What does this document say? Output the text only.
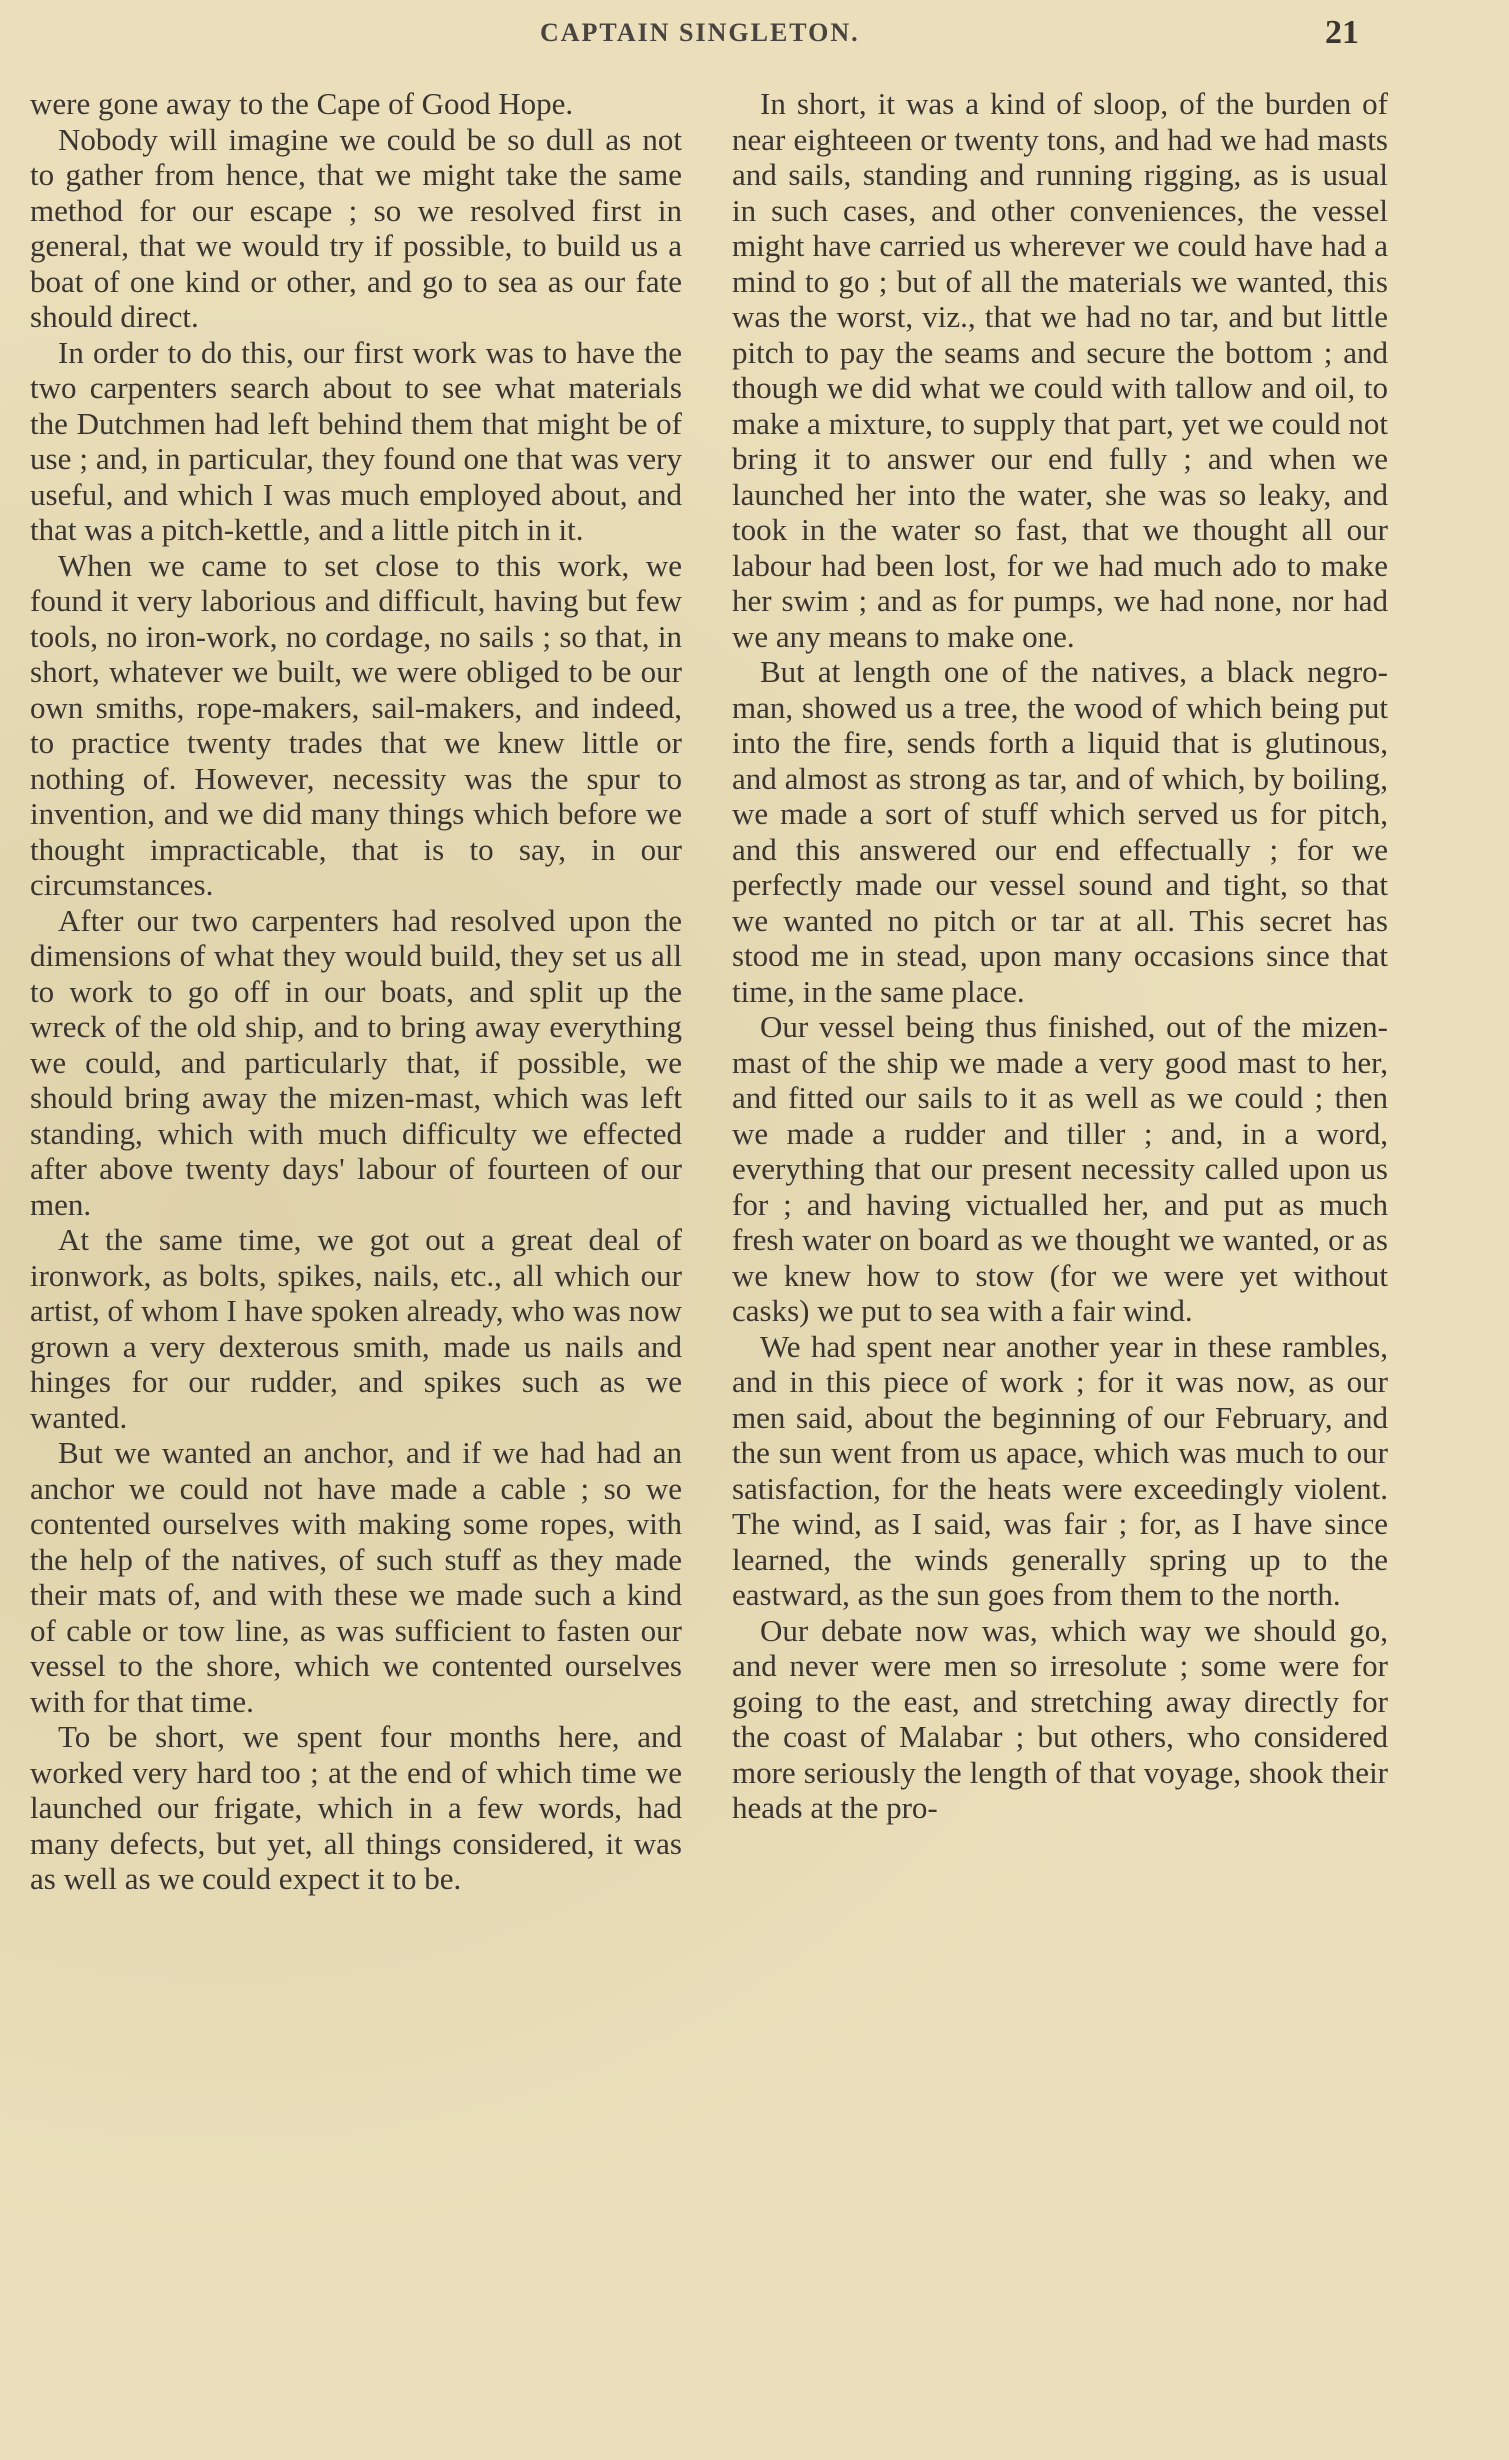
CAPTAIN SINGLETON.	21

were gone away to the Cape of Good Hope.

Nobody will imagine we could be so dull as not to gather from hence, that we might take the same method for our escape ; so we resolved first in general, that we would try if possible, to build us a boat of one kind or other, and go to sea as our fate should direct.

In order to do this, our first work was to have the two carpenters search about to see what materials the Dutchmen had left behind them that might be of use ; and, in particular, they found one that was very useful, and which I was much employed about, and that was a pitch-kettle, and a little pitch in it.

When we came to set close to this work, we found it very laborious and difficult, having but few tools, no iron-work, no cordage, no sails ; so that, in short, whatever we built, we were obliged to be our own smiths, rope-makers, sail-makers, and indeed, to practice twenty trades that we knew little or nothing of. However, necessity was the spur to invention, and we did many things which before we thought impracticable, that is to say, in our circumstances.

After our two carpenters had resolved upon the dimensions of what they would build, they set us all to work to go off in our boats, and split up the wreck of the old ship, and to bring away everything we could, and particularly that, if possible, we should bring away the mizen-mast, which was left standing, which with much difficulty we effected after above twenty days' labour of fourteen of our men.

At the same time, we got out a great deal of ironwork, as bolts, spikes, nails, etc., all which our artist, of whom I have spoken already, who was now grown a very dexterous smith, made us nails and hinges for our rudder, and spikes such as we wanted.

But we wanted an anchor, and if we had had an anchor we could not have made a cable ; so we contented ourselves with making some ropes, with the help of the natives, of such stuff as they made their mats of, and with these we made such a kind of cable or tow line, as was sufficient to fasten our vessel to the shore, which we contented ourselves with for that time.

To be short, we spent four months here, and worked very hard too ; at the end of which time we launched our frigate, which in a few words, had many defects, but yet, all things considered, it was as well as we could expect it to be.

In short, it was a kind of sloop, of the burden of near eighteeen or twenty tons, and had we had masts and sails, standing and running rigging, as is usual in such cases, and other conveniences, the vessel might have carried us wherever we could have had a mind to go ; but of all the materials we wanted, this was the worst, viz., that we had no tar, and but little pitch to pay the seams and secure the bottom ; and though we did what we could with tallow and oil, to make a mixture, to supply that part, yet we could not bring it to answer our end fully ; and when we launched her into the water, she was so leaky, and took in the water so fast, that we thought all our labour had been lost, for we had much ado to make her swim ; and as for pumps, we had none, nor had we any means to make one.

But at length one of the natives, a black negro-man, showed us a tree, the wood of which being put into the fire, sends forth a liquid that is glutinous, and almost as strong as tar, and of which, by boiling, we made a sort of stuff which served us for pitch, and this answered our end effectually ; for we perfectly made our vessel sound and tight, so that we wanted no pitch or tar at all. This secret has stood me in stead, upon many occasions since that time, in the same place.

Our vessel being thus finished, out of the mizen-mast of the ship we made a very good mast to her, and fitted our sails to it as well as we could ; then we made a rudder and tiller ; and, in a word, everything that our present necessity called upon us for ; and having victualled her, and put as much fresh water on board as we thought we wanted, or as we knew how to stow (for we were yet without casks) we put to sea with a fair wind.

We had spent near another year in these rambles, and in this piece of work ; for it was now, as our men said, about the beginning of our February, and the sun went from us apace, which was much to our satisfaction, for the heats were exceedingly violent. The wind, as I said, was fair ; for, as I have since learned, the winds generally spring up to the eastward, as the sun goes from them to the north.

Our debate now was, which way we should go, and never were men so irresolute ; some were for going to the east, and stretching away directly for the coast of Malabar ; but others, who considered more seriously the length of that voyage, shook their heads at the pro-
